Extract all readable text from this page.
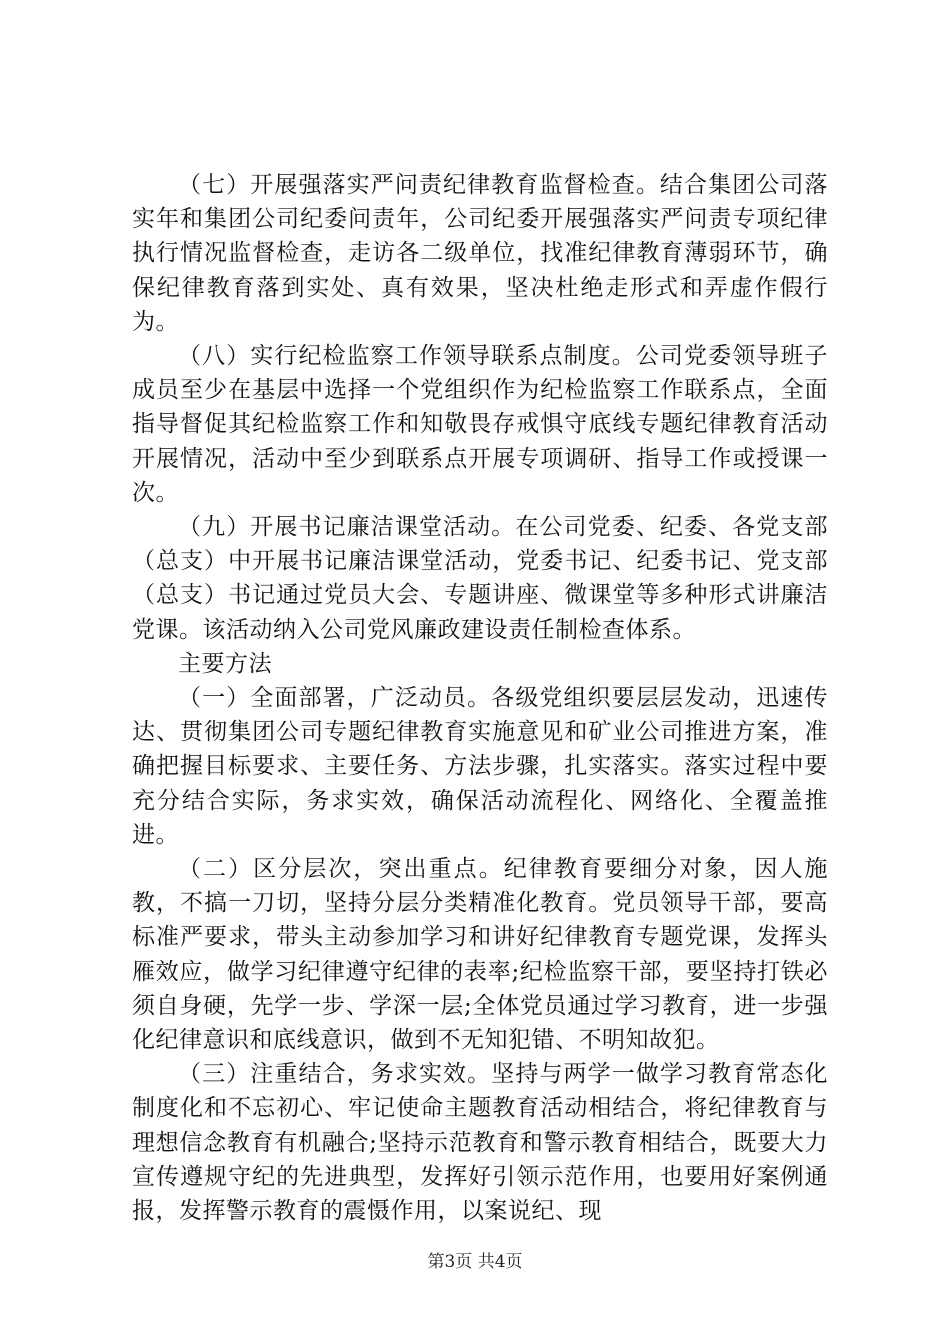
（七）开展强落实严问责纪律教育监督检查。结合集团公司落实年和集团公司纪委问责年，公司纪委开展强落实严问责专项纪律执行情况监督检查，走访各二级单位，找准纪律教育薄弱环节，确保纪律教育落到实处、真有效果，坚决杜绝走形式和弄虚作假行为。

（八）实行纪检监察工作领导联系点制度。公司党委领导班子成员至少在基层中选择一个党组织作为纪检监察工作联系点，全面指导督促其纪检监察工作和知敬畏存戒惧守底线专题纪律教育活动开展情况，活动中至少到联系点开展专项调研、指导工作或授课一次。

（九）开展书记廉洁课堂活动。在公司党委、纪委、各党支部（总支）中开展书记廉洁课堂活动，党委书记、纪委书记、党支部（总支）书记通过党员大会、专题讲座、微课堂等多种形式讲廉洁党课。该活动纳入公司党风廉政建设责任制检查体系。

主要方法

（一）全面部署，广泛动员。各级党组织要层层发动，迅速传达、贯彻集团公司专题纪律教育实施意见和矿业公司推进方案，准确把握目标要求、主要任务、方法步骤，扎实落实。落实过程中要充分结合实际，务求实效，确保活动流程化、网络化、全覆盖推进。

（二）区分层次，突出重点。纪律教育要细分对象，因人施教，不搞一刀切，坚持分层分类精准化教育。党员领导干部，要高标准严要求，带头主动参加学习和讲好纪律教育专题党课，发挥头雁效应，做学习纪律遵守纪律的表率;纪检监察干部，要坚持打铁必须自身硬，先学一步、学深一层;全体党员通过学习教育，进一步强化纪律意识和底线意识，做到不无知犯错、不明知故犯。

（三）注重结合，务求实效。坚持与两学一做学习教育常态化制度化和不忘初心、牢记使命主题教育活动相结合，将纪律教育与理想信念教育有机融合;坚持示范教育和警示教育相结合，既要大力宣传遵规守纪的先进典型，发挥好引领示范作用，也要用好案例通报，发挥警示教育的震慑作用，以案说纪、现

第3页 共4页
